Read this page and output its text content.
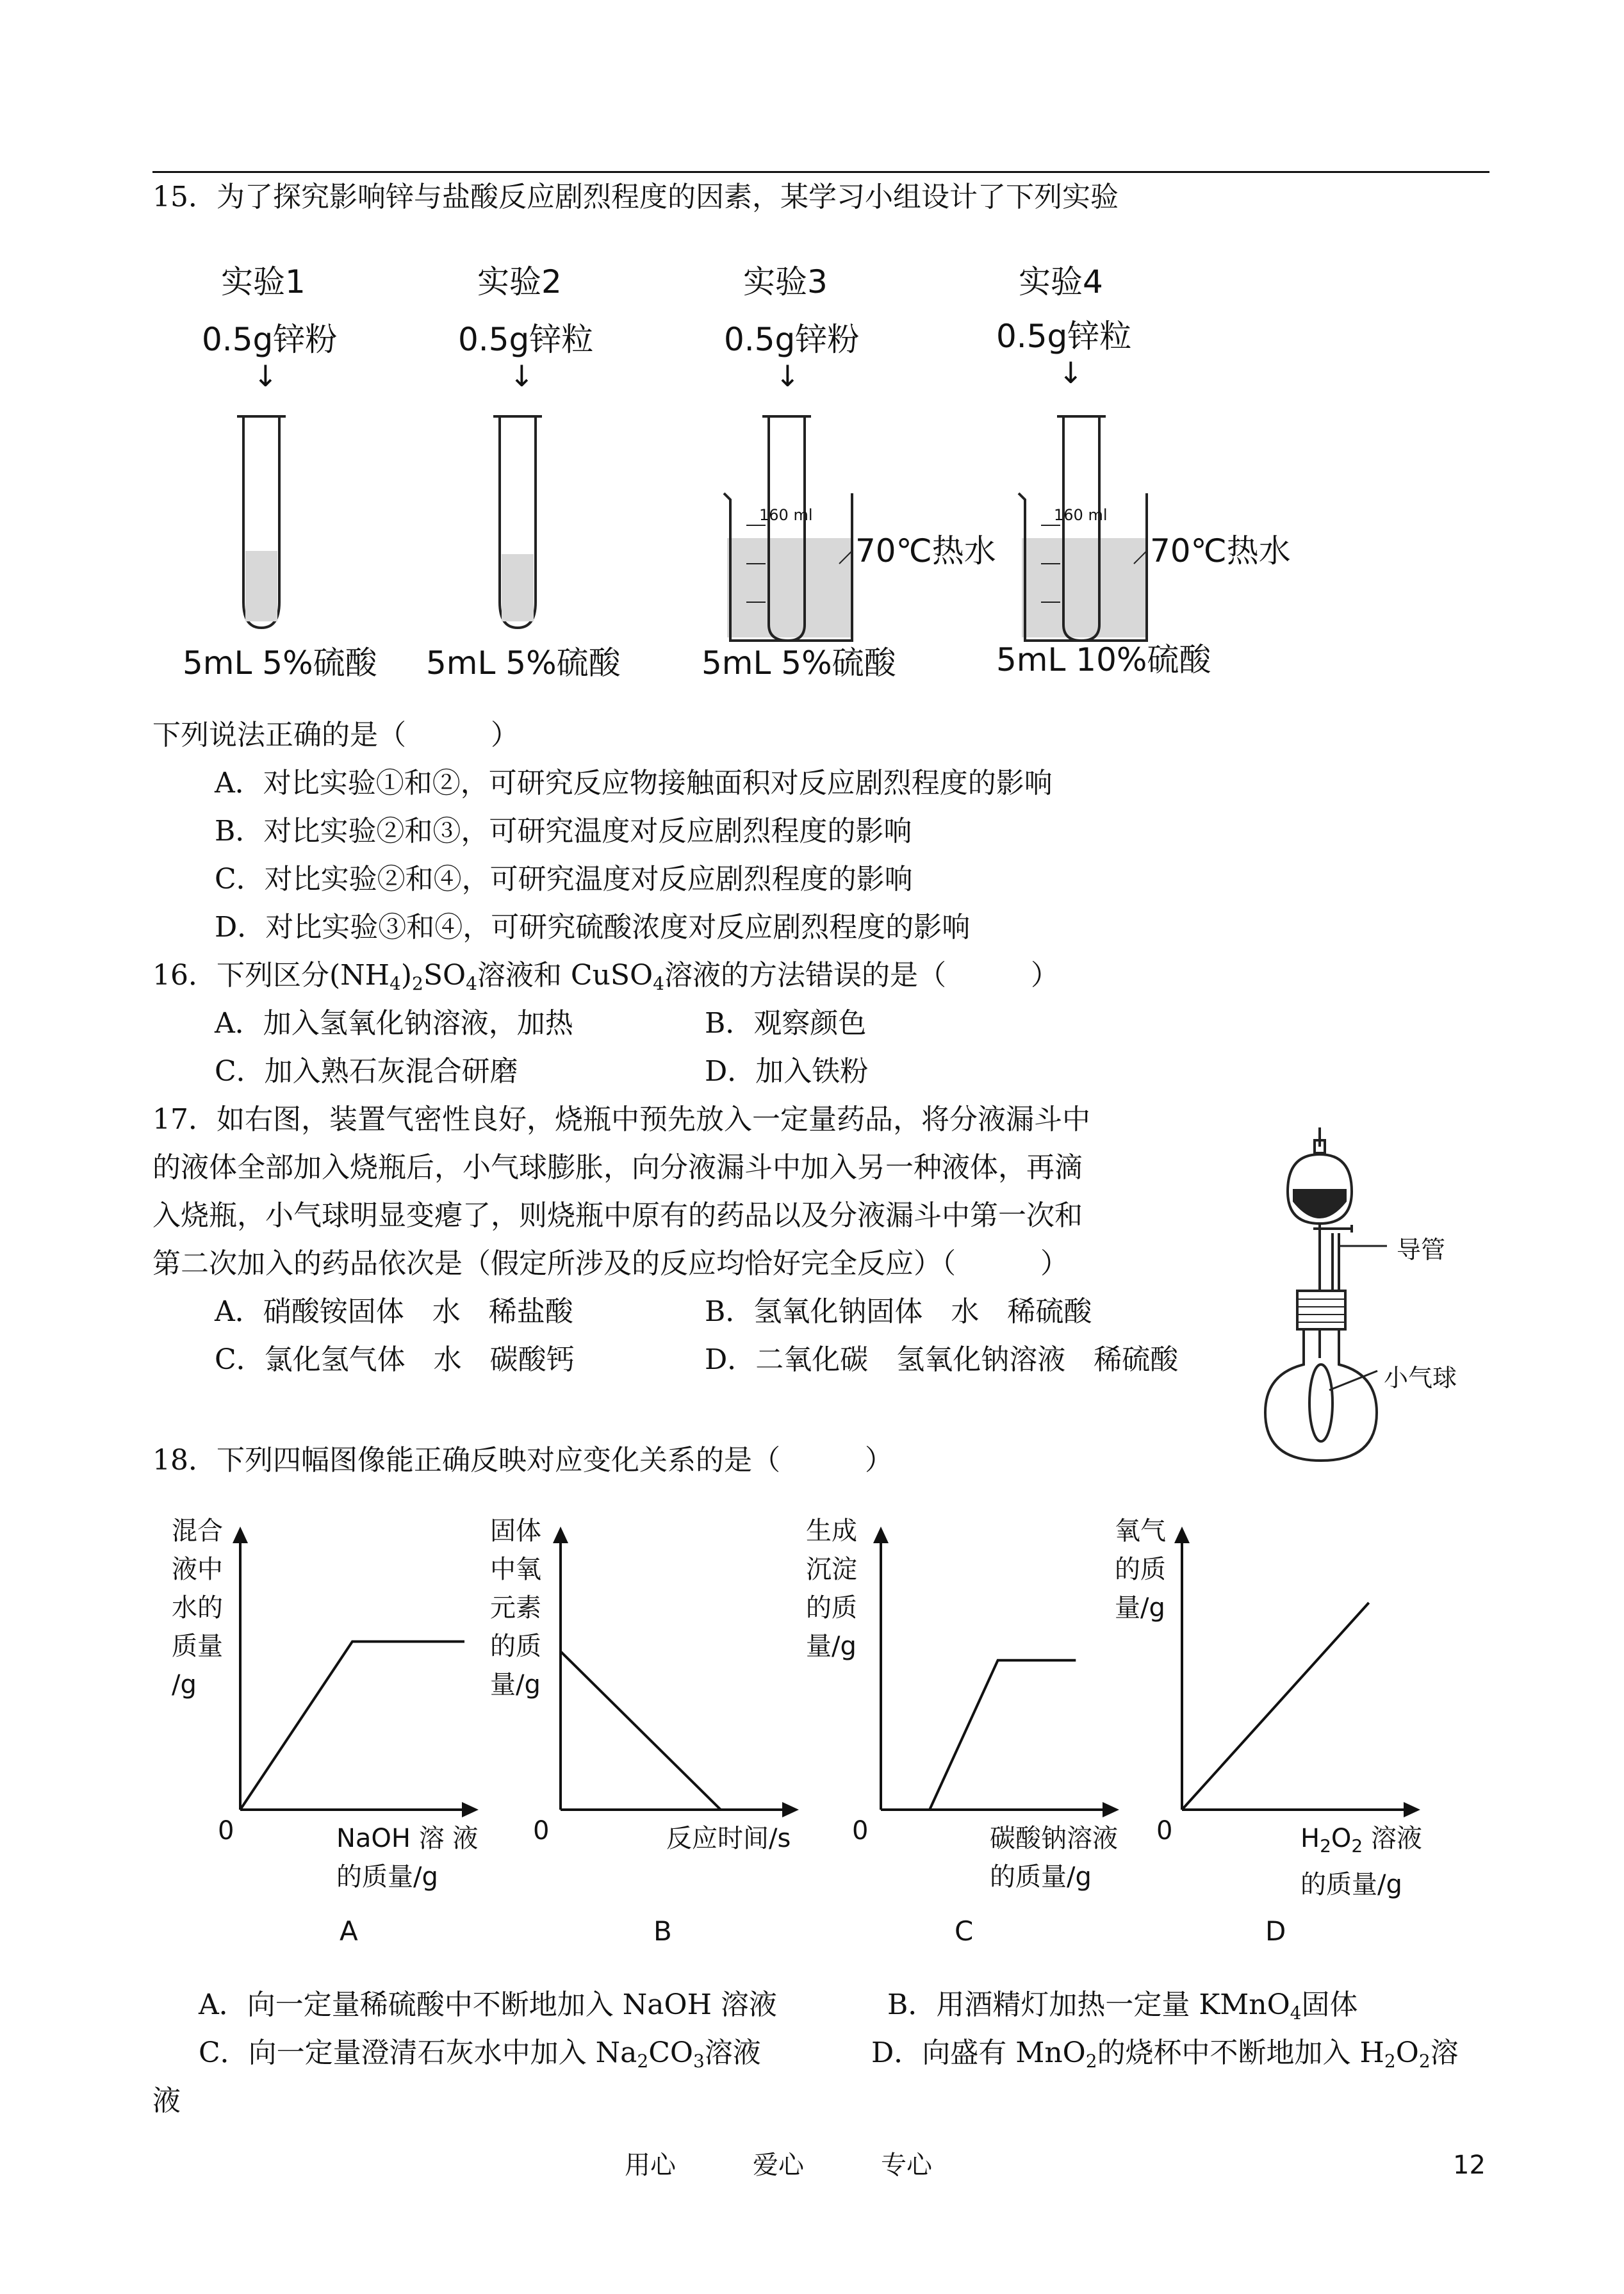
15．为了探究影响锌与盐酸反应剧烈程度的因素，某学习小组设计了下列实验
实验1
0.5g锌粉
↓
5mL 5%硫酸
实验2
0.5g锌粒
↓
5mL 5%硫酸
实验3
0.5g锌粉
↓
160 ml
70℃热水
5mL 5%硫酸
实验4
0.5g锌粒
↓
160 ml
70℃热水
5mL 10%硫酸
下列说法正确的是（　　　）
A．对比实验①和②，可研究反应物接触面积对反应剧烈程度的影响
B．对比实验②和③，可研究温度对反应剧烈程度的影响
C．对比实验②和④，可研究温度对反应剧烈程度的影响
D．对比实验③和④，可研究硫酸浓度对反应剧烈程度的影响
16．下列区分$(NH_4)_2SO_4$溶液和 CuSO$_4$溶液的方法错误的是（　　　）
A．加入氢氧化钠溶液，加热	B．观察颜色
C．加入熟石灰混合研磨	D．加入铁粉
17．如右图，装置气密性良好，烧瓶中预先放入一定量药品，将分液漏斗中
的液体全部加入烧瓶后，小气球膨胀，向分液漏斗中加入另一种液体，再滴
入烧瓶，小气球明显变瘪了，则烧瓶中原有的药品以及分液漏斗中第一次和
第二次加入的药品依次是（假定所涉及的反应均恰好完全反应）（　　　）
A．硝酸铵固体　水　稀盐酸	B．氢氧化钠固体　水　稀硫酸
C．氯化氢气体　水　碳酸钙	D．二氧化碳　氢氧化钠溶液　稀硫酸
导管
小气球
18．下列四幅图像能正确反映对应变化关系的是（　　　）
混合
液中
水的
质量
/g
0	NaOH 溶 液
的质量/g
A
固体
中氧
元素
的质
量/g
0	反应时间/s
B
生成
沉淀
的质
量/g
0	碳酸钠溶液
的质量/g
C
氧气
的质
量/g
0	$H_2O_2$ 溶液
的质量/g
D
A．向一定量稀硫酸中不断地加入 NaOH 溶液	B．用酒精灯加热一定量 KMnO$_4$固体
C．向一定量澄清石灰水中加入 $Na_2CO_3$溶液	D．向盛有 MnO$_2$的烧杯中不断地加入 $H_2O_2$溶
液
用心　　　爱心　　　专心	12
